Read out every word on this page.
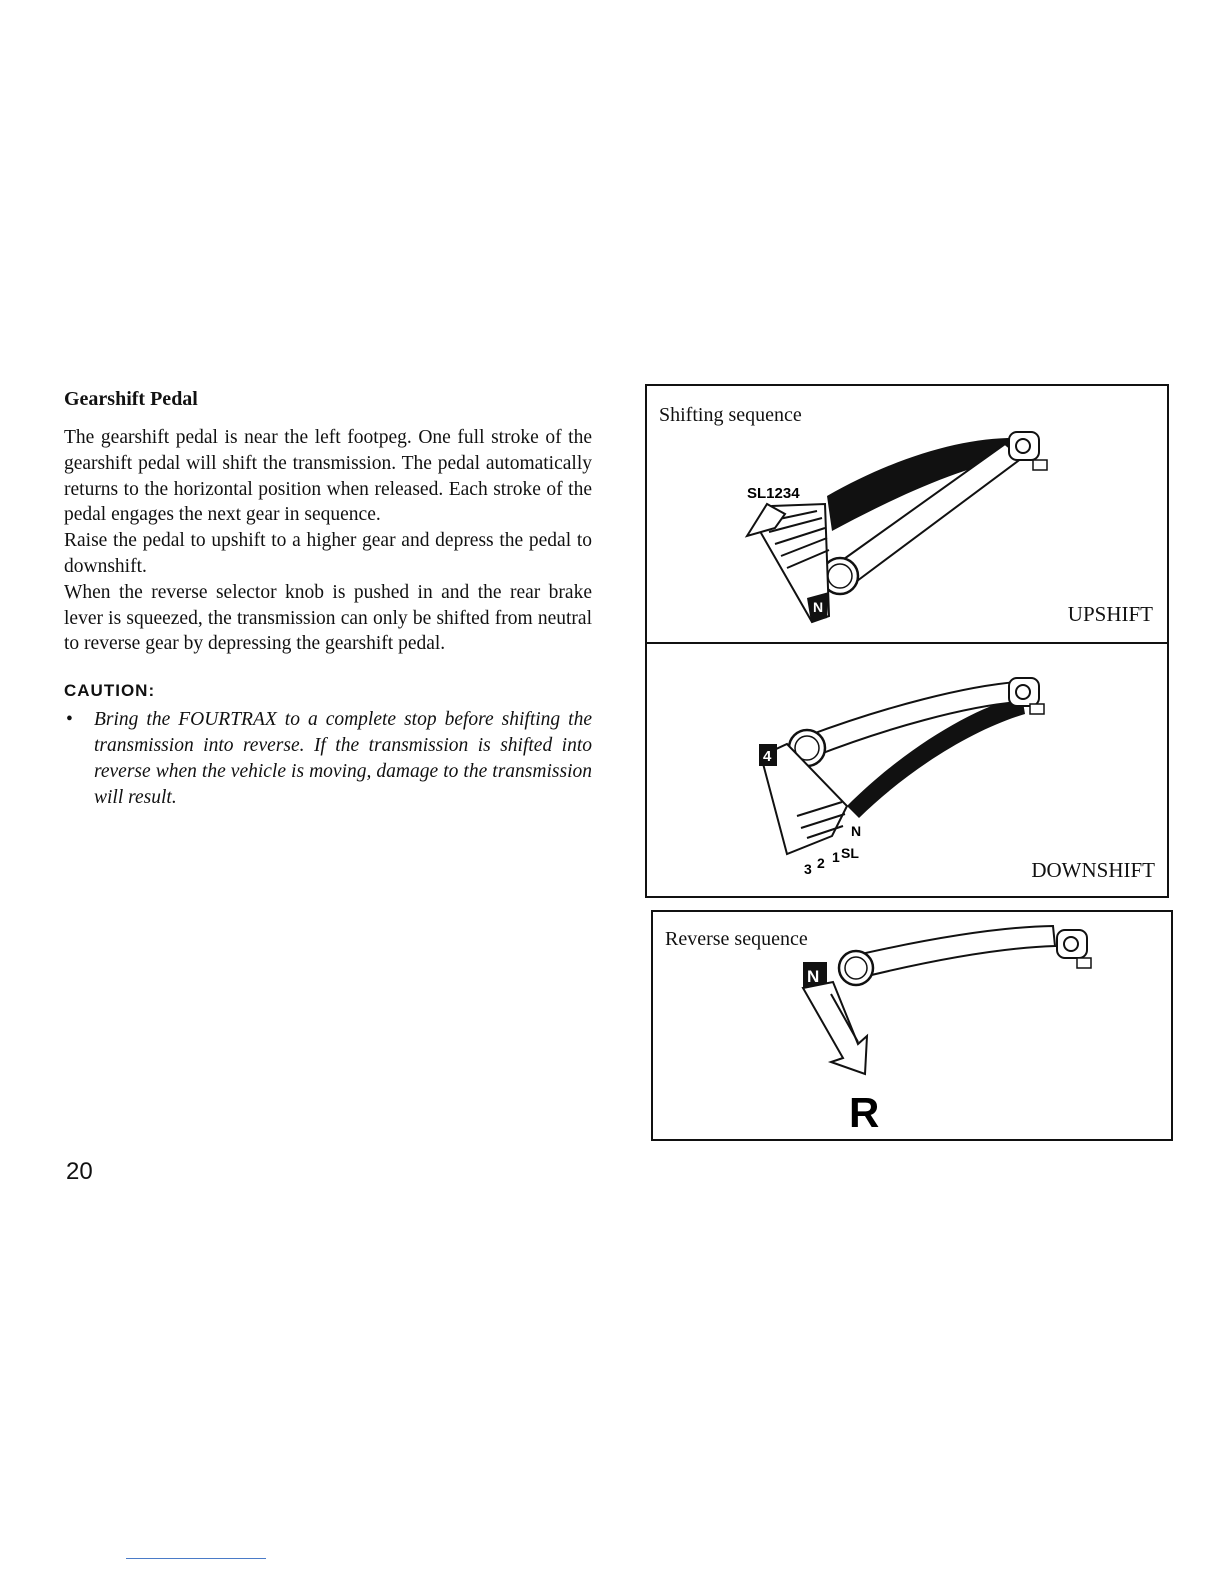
Gearshift Pedal

The gearshift pedal is near the left footpeg. One full stroke of the gearshift pedal will shift the transmission. The pedal automatically returns to the horizontal position when released. Each stroke of the pedal engages the next gear in sequence.

Raise the pedal to upshift to a higher gear and depress the pedal to downshift.

When the reverse selector knob is pushed in and the rear brake lever is squeezed, the transmission can only be shifted from neutral to reverse gear by depressing the gearshift pedal.

CAUTION:

• Bring the FOURTRAX to a complete stop before shifting the transmission into reverse. If the transmission is shifted into reverse when the vehicle is moving, damage to the transmission will result.

SL1234
N
4
N
SL
1
2
3
Shifting sequence
UPSHIFT
DOWNSHIFT
N
R
Reverse sequence
20
